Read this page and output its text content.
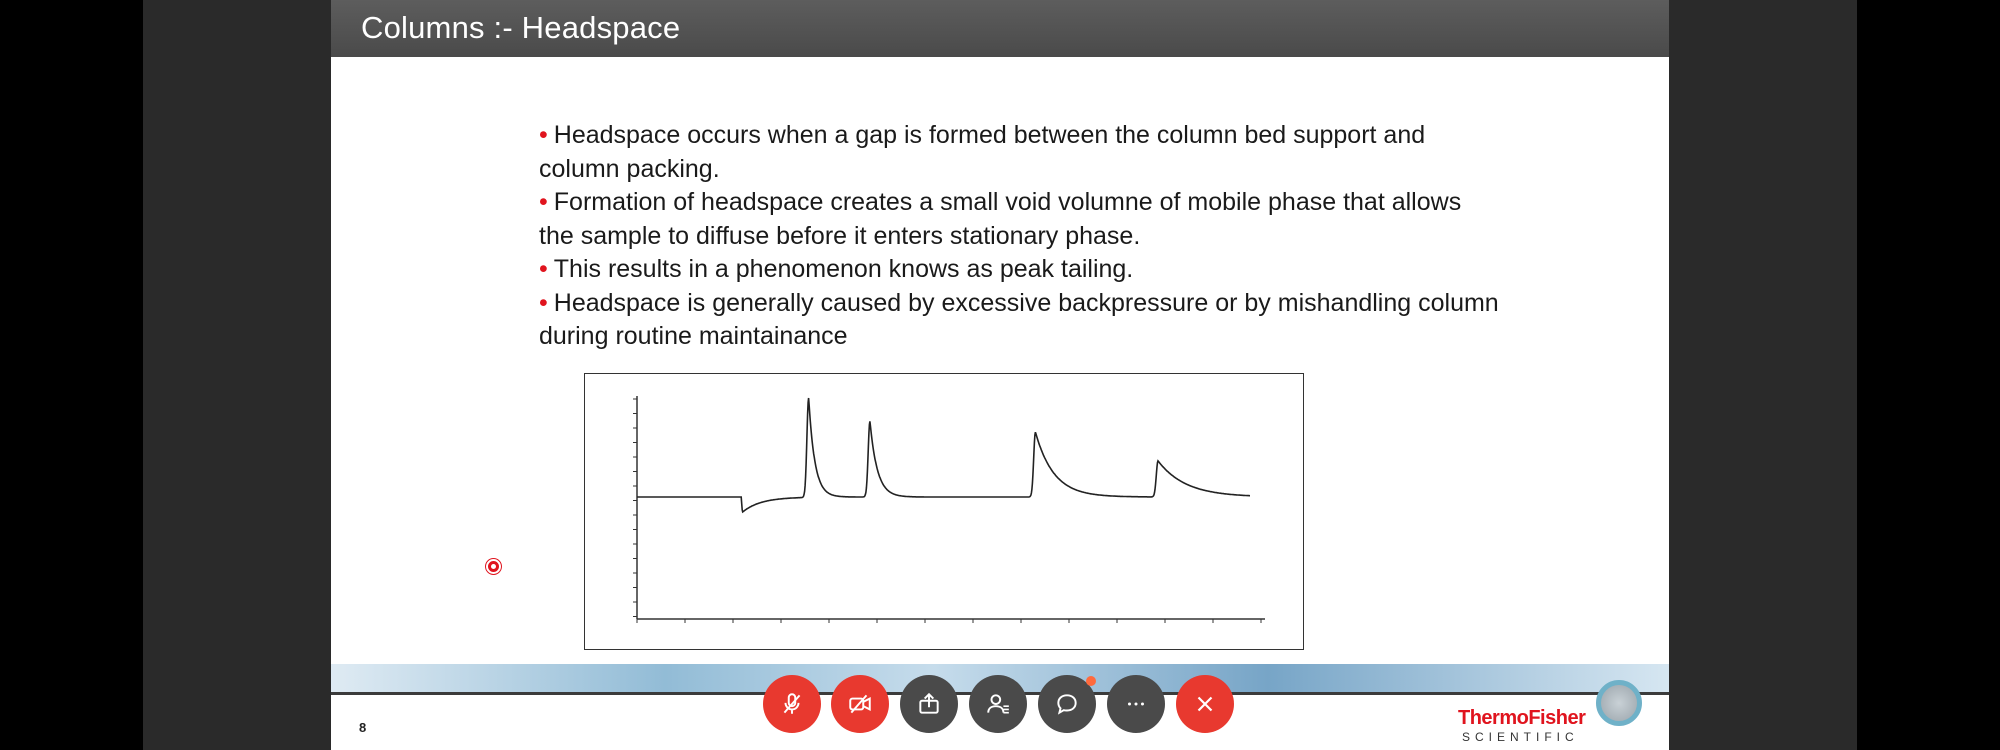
Columns :- Headspace
• Headspace occurs when a gap is formed between the column bed support and column packing.
• Formation of headspace creates a small void volumne of mobile phase that allows the sample to diffuse before it enters stationary phase.
• This results in a phenomenon knows as peak tailing.
• Headspace is generally caused by excessive backpressure or by mishandling column during routine maintainance
8	ThermoFisher
SCIENTIFIC
